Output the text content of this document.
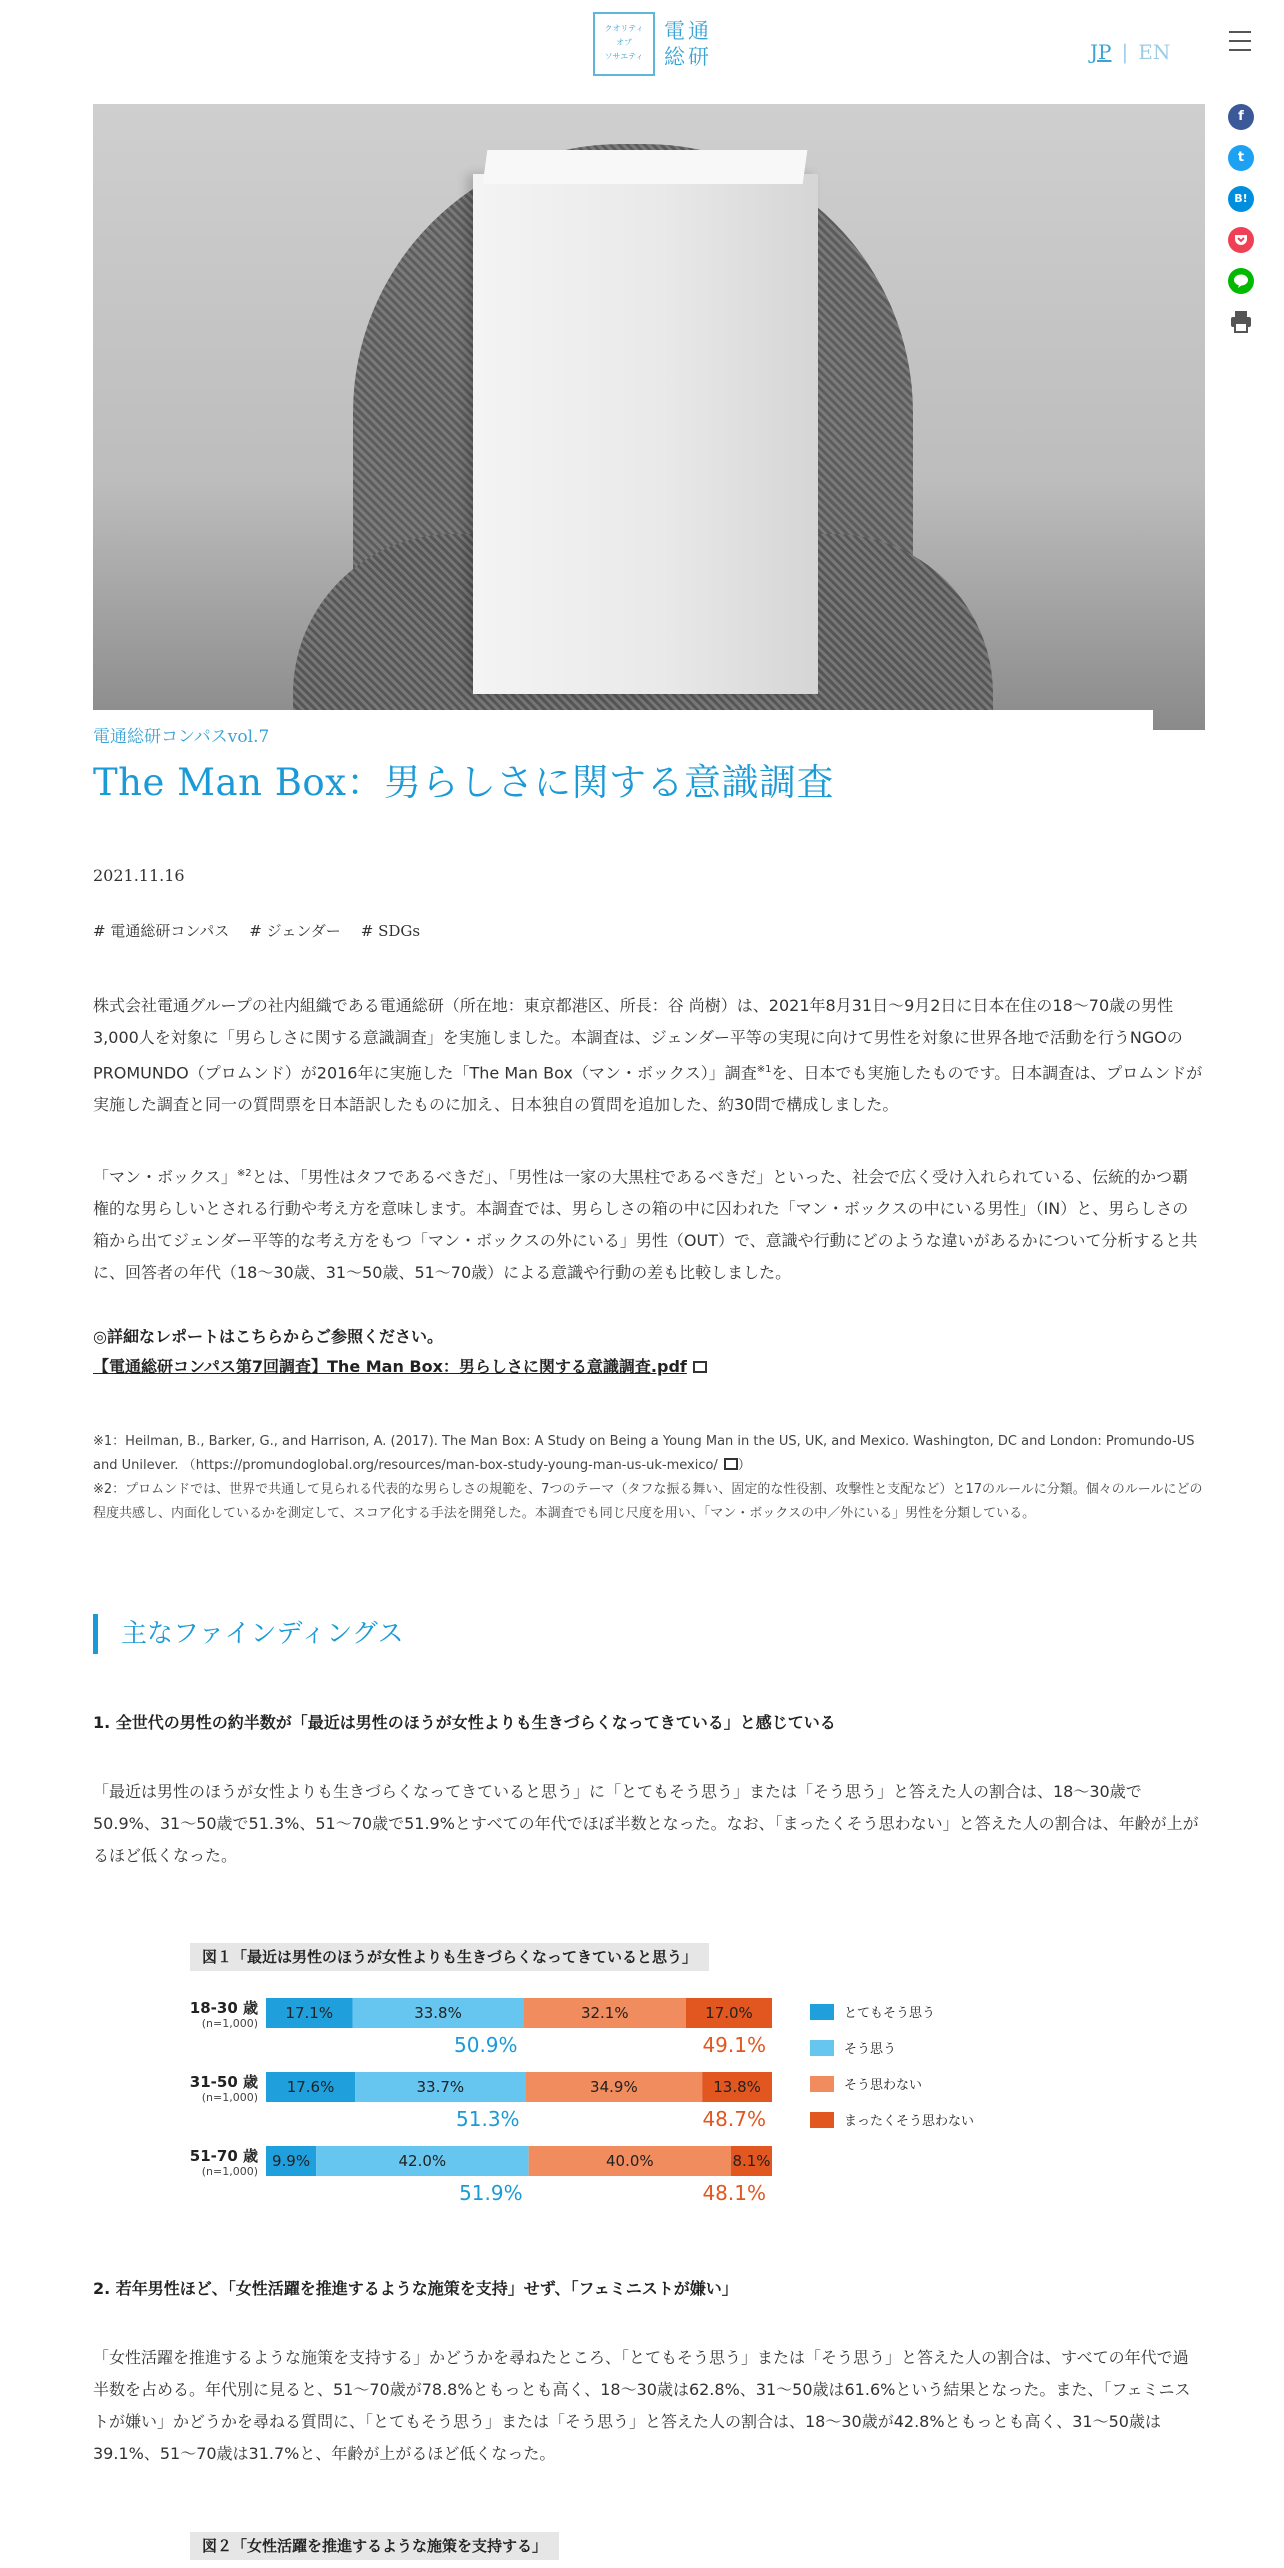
クオリティ
オブ
ソサエティ
電通
総研	JP | EN
f
t
B!
電通総研コンパスvol.7
The Man Box：男らしさに関する意識調査
2021.11.16
# 電通総研コンパス # ジェンダー # SDGs

株式会社電通グループの社内組織である電通総研（所在地：東京都港区、所長：谷 尚樹）は、2021年8月31日～9月2日に日本在住の18～70歳の男性3,000人を対象に「男らしさに関する意識調査」を実施しました。本調査は、ジェンダー平等の実現に向けて男性を対象に世界各地で活動を行うNGOのPROMUNDO（プロムンド）が2016年に実施した「The Man Box（マン・ボックス）」調査$^{※1}$を、日本でも実施したものです。日本調査は、プロムンドが実施した調査と同一の質問票を日本語訳したものに加え、日本独自の質問を追加した、約30問で構成しました。

「マン・ボックス」$^{※2}$とは、「男性はタフであるべきだ」、「男性は一家の大黒柱であるべきだ」といった、社会で広く受け入れられている、伝統的かつ覇権的な男らしいとされる行動や考え方を意味します。本調査では、男らしさの箱の中に囚われた「マン・ボックスの中にいる男性」（IN）と、男らしさの箱から出てジェンダー平等的な考え方をもつ「マン・ボックスの外にいる」男性（OUT）で、意識や行動にどのような違いがあるかについて分析すると共に、回答者の年代（18～30歳、31～50歳、51～70歳）による意識や行動の差も比較しました。

◎詳細なレポートはこちらからご参照ください。
【電通総研コンパス第7回調査】The Man Box：男らしさに関する意識調査.pdf

※1：Heilman, B., Barker, G., and Harrison, A. (2017). The Man Box: A Study on Being a Young Man in the US, UK, and Mexico. Washington, DC and London: Promundo-US and Unilever. （https://promundoglobal.org/resources/man-box-study-young-man-us-uk-mexico/ ）

※2：プロムンドでは、世界で共通して見られる代表的な男らしさの規範を、7つのテーマ（タフな振る舞い、固定的な性役割、攻撃性と支配など）と17のルールに分類。個々のルールにどの程度共感し、内面化しているかを測定して、スコア化する手法を開発した。本調査でも同じ尺度を用い、「マン・ボックスの中／外にいる」男性を分類している。

主なファインディングス

1. 全世代の男性の約半数が「最近は男性のほうが女性よりも生きづらくなってきている」と感じている

「最近は男性のほうが女性よりも生きづらくなってきていると思う」に「とてもそう思う」または「そう思う」と答えた人の割合は、18～30歳で50.9%、31～50歳で51.3%、51～70歳で51.9%とすべての年代でほぼ半数となった。なお、「まったくそう思わない」と答えた人の割合は、年齢が上がるほど低くなった。

図１「最近は男性のほうが女性よりも生きづらくなってきていると思う」
18-30 歳
(n=1,000)
17.1%	33.8%	32.1%	17.0%
50.9%	49.1%
31-50 歳
(n=1,000)
17.6%	33.7%	34.9%	13.8%
51.3%	48.7%
51-70 歳
(n=1,000)
9.9%	42.0%	40.0%	8.1%
51.9%	48.1%
とてもそう思う
そう思う
そう思わない
まったくそう思わない

2. 若年男性ほど、「女性活躍を推進するような施策を支持」せず、「フェミニストが嫌い」

「女性活躍を推進するような施策を支持する」かどうかを尋ねたところ、「とてもそう思う」または「そう思う」と答えた人の割合は、すべての年代で過半数を占める。年代別に見ると、51～70歳が78.8%ともっとも高く、18～30歳は62.8%、31～50歳は61.6%という結果となった。また、「フェミニストが嫌い」かどうかを尋ねる質問に、「とてもそう思う」または「そう思う」と答えた人の割合は、18～30歳が42.8%ともっとも高く、31～50歳は39.1%、51～70歳は31.7%と、年齢が上がるほど低くなった。

図２「女性活躍を推進するような施策を支持する」
